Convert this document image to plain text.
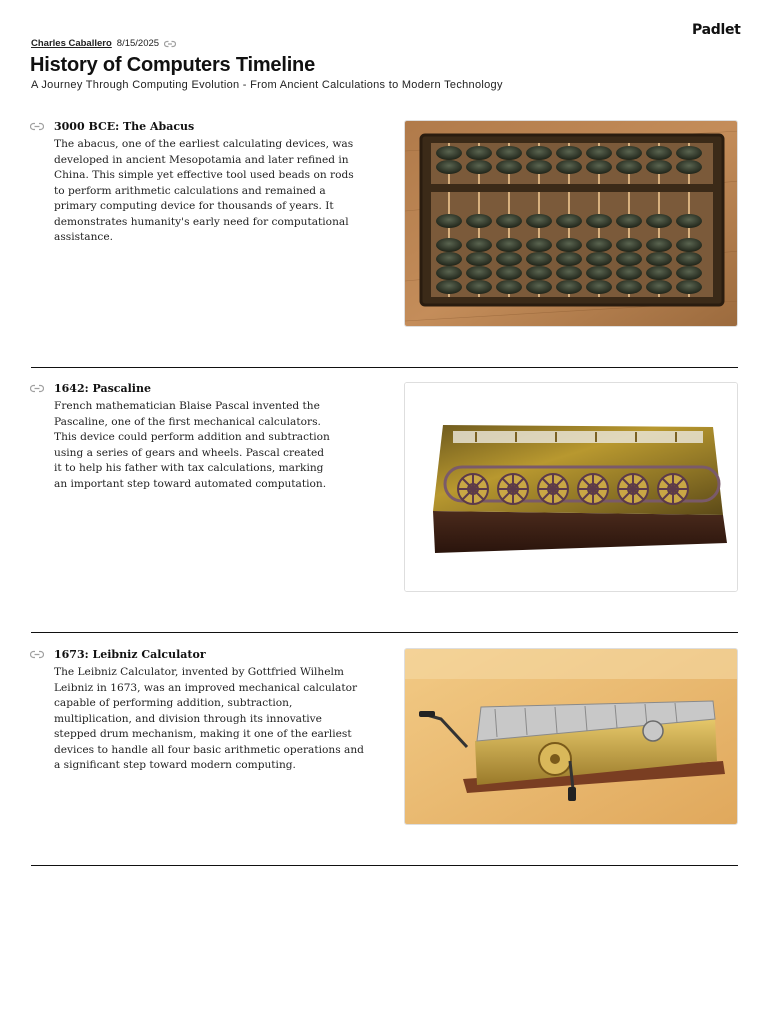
Padlet
Charles Caballero 8/15/2025
History of Computers Timeline
A Journey Through Computing Evolution - From Ancient Calculations to Modern Technology
3000 BCE: The Abacus
The abacus, one of the earliest calculating devices, was
developed in ancient Mesopotamia and later refined in
China. This simple yet effective tool used beads on rods
to perform arithmetic calculations and remained a
primary computing device for thousands of years. It
demonstrates humanity's early need for computational
assistance.
1642: Pascaline
French mathematician Blaise Pascal invented the
Pascaline, one of the first mechanical calculators.
This device could perform addition and subtraction
using a series of gears and wheels. Pascal created
it to help his father with tax calculations, marking
an important step toward automated computation.
1673: Leibniz Calculator
The Leibniz Calculator, invented by Gottfried Wilhelm
Leibniz in 1673, was an improved mechanical calculator
capable of performing addition, subtraction,
multiplication, and division through its innovative
stepped drum mechanism, making it one of the earliest
devices to handle all four basic arithmetic operations and
a significant step toward modern computing.
